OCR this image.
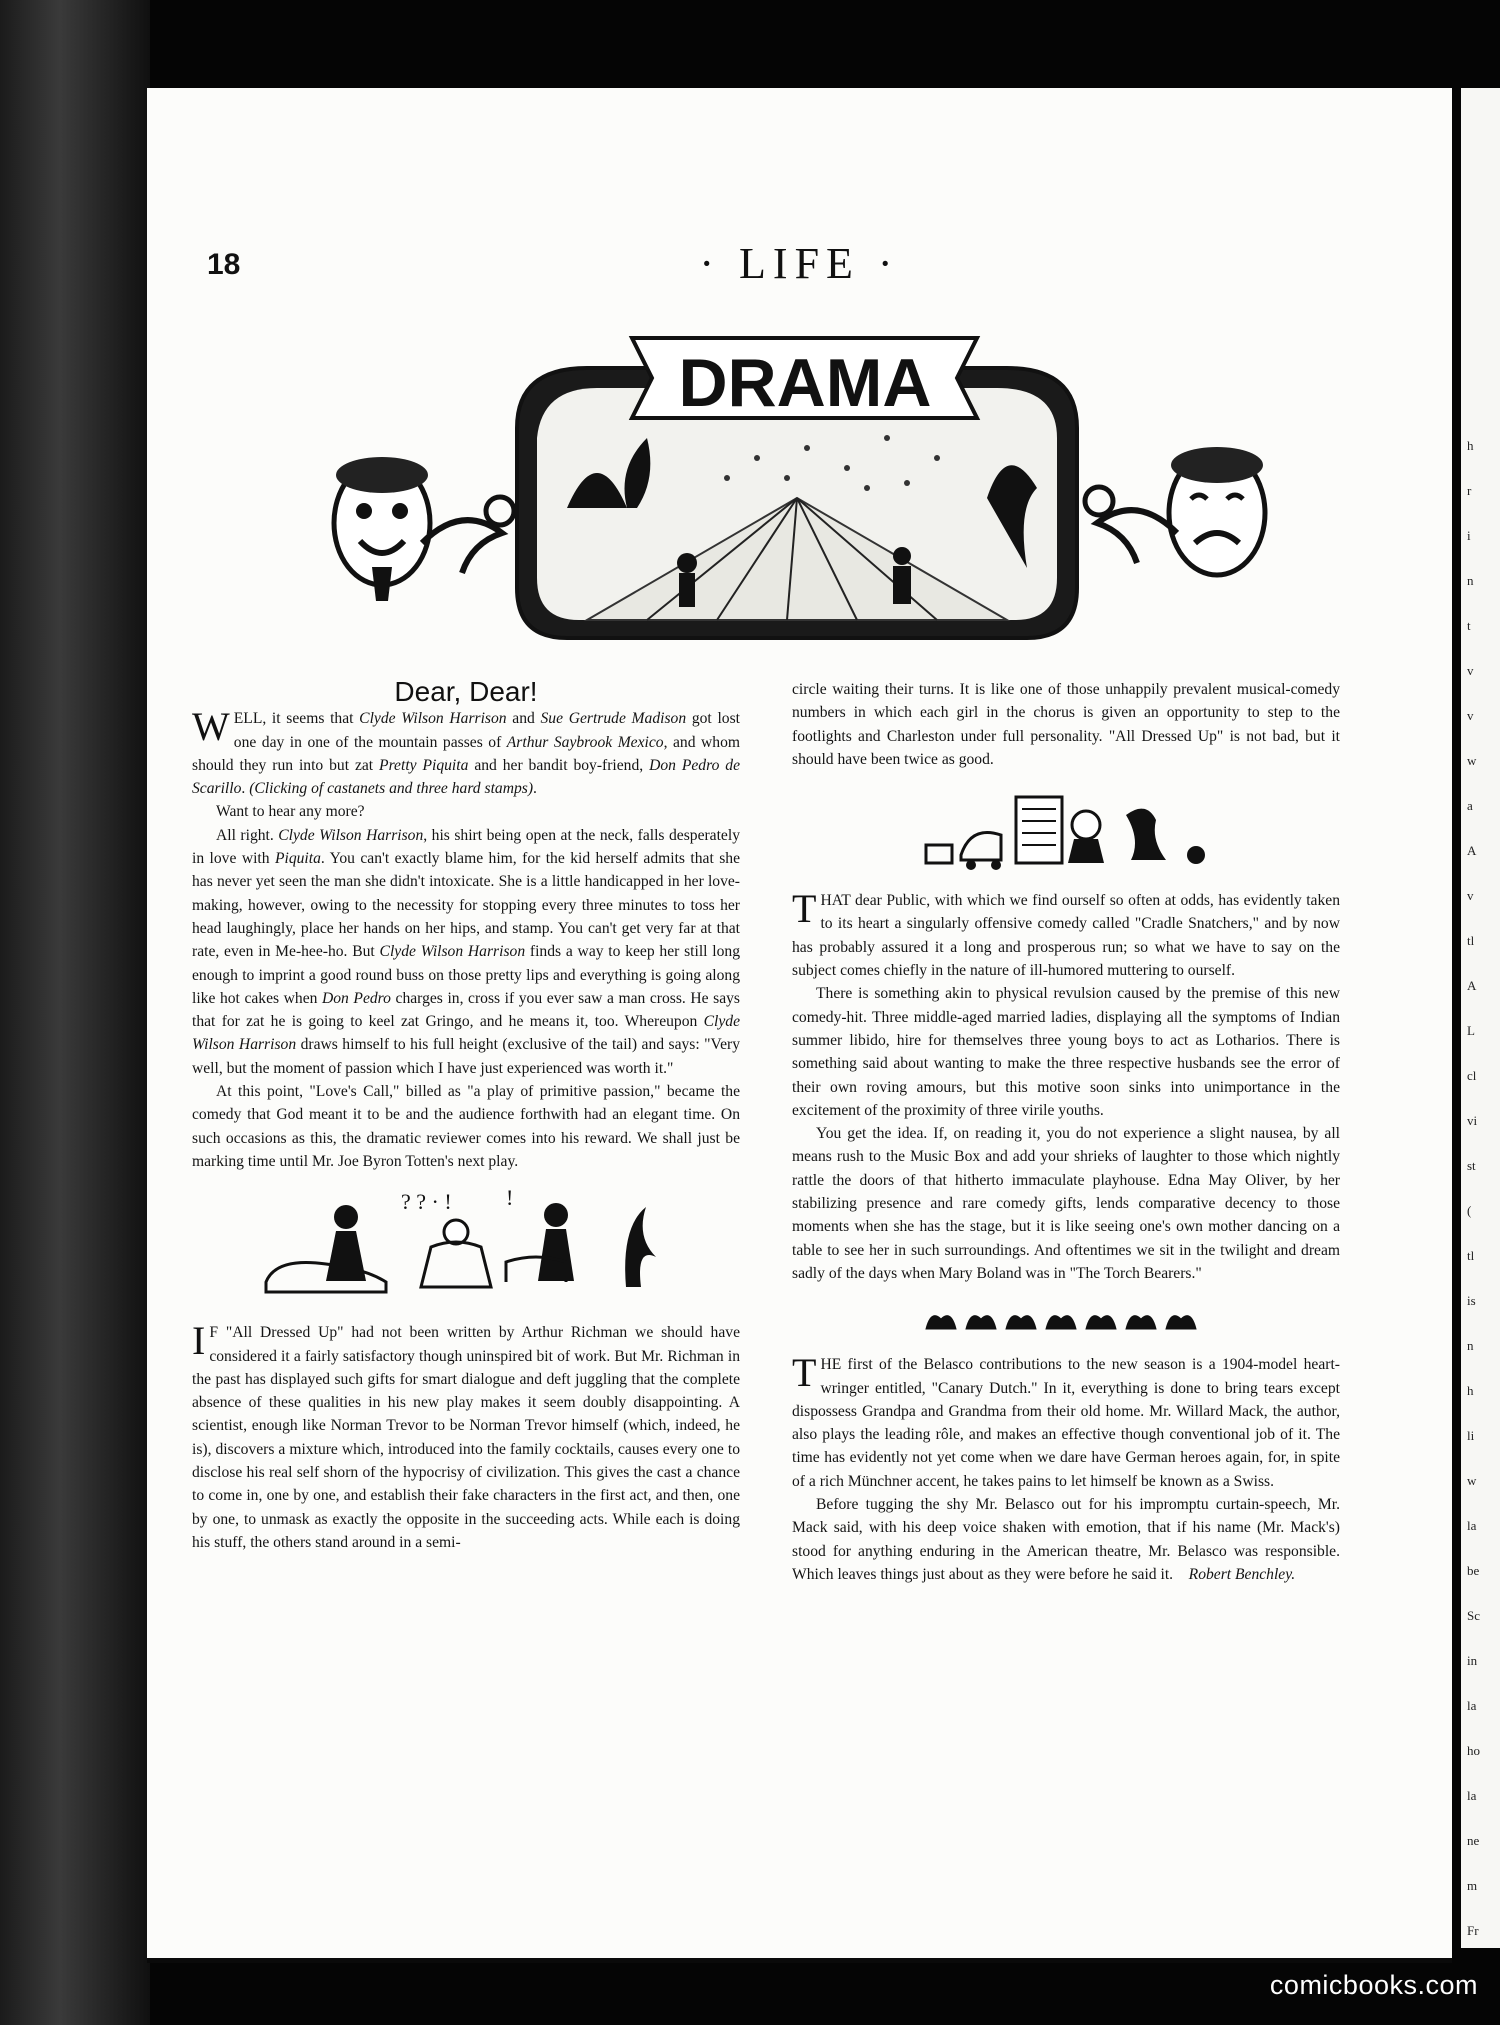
18	· LIFE ·
DRAMA
Dear, Dear!

WELL, it seems that Clyde Wilson Harrison and Sue Gertrude Madison got lost one day in one of the mountain passes of Arthur Saybrook Mexico, and whom should they run into but zat Pretty Piquita and her bandit boy-friend, Don Pedro de Scarillo. (Clicking of castanets and three hard stamps).

Want to hear any more?

All right. Clyde Wilson Harrison, his shirt being open at the neck, falls desperately in love with Piquita. You can't exactly blame him, for the kid herself admits that she has never yet seen the man she didn't intoxicate. She is a little handicapped in her love-making, however, owing to the necessity for stopping every three minutes to toss her head laughingly, place her hands on her hips, and stamp. You can't get very far at that rate, even in Me-hee-ho. But Clyde Wilson Harrison finds a way to keep her still long enough to imprint a good round buss on those pretty lips and everything is going along like hot cakes when Don Pedro charges in, cross if you ever saw a man cross. He says that for zat he is going to keel zat Gringo, and he means it, too. Whereupon Clyde Wilson Harrison draws himself to his full height (exclusive of the tail) and says: "Very well, but the moment of passion which I have just experienced was worth it."

At this point, "Love's Call," billed as "a play of primitive passion," became the comedy that God meant it to be and the audience forthwith had an elegant time. On such occasions as this, the dramatic reviewer comes into his reward. We shall just be marking time until Mr. Joe Byron Totten's next play.

? ? · ! !

I F "All Dressed Up" had not been written by Arthur Richman we should have considered it a fairly satisfactory though uninspired bit of work. But Mr. Richman in the past has displayed such gifts for smart dialogue and deft juggling that the complete absence of these qualities in his new play makes it seem doubly disappointing. A scientist, enough like Norman Trevor to be Norman Trevor himself (which, indeed, he is), discovers a mixture which, introduced into the family cocktails, causes every one to disclose his real self shorn of the hypocrisy of civilization. This gives the cast a chance to come in, one by one, and establish their fake characters in the first act, and then, one by one, to unmask as exactly the opposite in the succeeding acts. While each is doing his stuff, the others stand around in a semi-

circle waiting their turns. It is like one of those unhappily prevalent musical-comedy numbers in which each girl in the chorus is given an opportunity to step to the footlights and Charleston under full personality. "All Dressed Up" is not bad, but it should have been twice as good.

THAT dear Public, with which we find ourself so often at odds, has evidently taken to its heart a singularly offensive comedy called "Cradle Snatchers," and by now has probably assured it a long and prosperous run; so what we have to say on the subject comes chiefly in the nature of ill-humored muttering to ourself.

There is something akin to physical revulsion caused by the premise of this new comedy-hit. Three middle-aged married ladies, displaying all the symptoms of Indian summer libido, hire for themselves three young boys to act as Lotharios. There is something said about wanting to make the three respective husbands see the error of their own roving amours, but this motive soon sinks into unimportance in the excitement of the proximity of three virile youths.

You get the idea. If, on reading it, you do not experience a slight nausea, by all means rush to the Music Box and add your shrieks of laughter to those which nightly rattle the doors of that hitherto immaculate playhouse. Edna May Oliver, by her stabilizing presence and rare comedy gifts, lends comparative decency to those moments when she has the stage, but it is like seeing one's own mother dancing on a table to see her in such surroundings. And oftentimes we sit in the twilight and dream sadly of the days when Mary Boland was in "The Torch Bearers."

THE first of the Belasco contributions to the new season is a 1904-model heart-wringer entitled, "Canary Dutch." In it, everything is done to bring tears except dispossess Grandpa and Grandma from their old home. Mr. Willard Mack, the author, also plays the leading rôle, and makes an effective though conventional job of it. The time has evidently not yet come when we dare have German heroes again, for, in spite of a rich Münchner accent, he takes pains to let himself be known as a Swiss.

Before tugging the shy Mr. Belasco out for his impromptu curtain-speech, Mr. Mack said, with his deep voice shaken with emotion, that if his name (Mr. Mack's) stood for anything enduring in the American theatre, Mr. Belasco was responsible. Which leaves things just about as they were before he said it. Robert Benchley.

h
r
i
n
t
v
v
w
a
A
v
tl
A
L
cl
vi
st
(
tl
is
n
h
li
w
la
be
Sc
in
la
ho
la
ne
m
Fr
comicbooks.com
